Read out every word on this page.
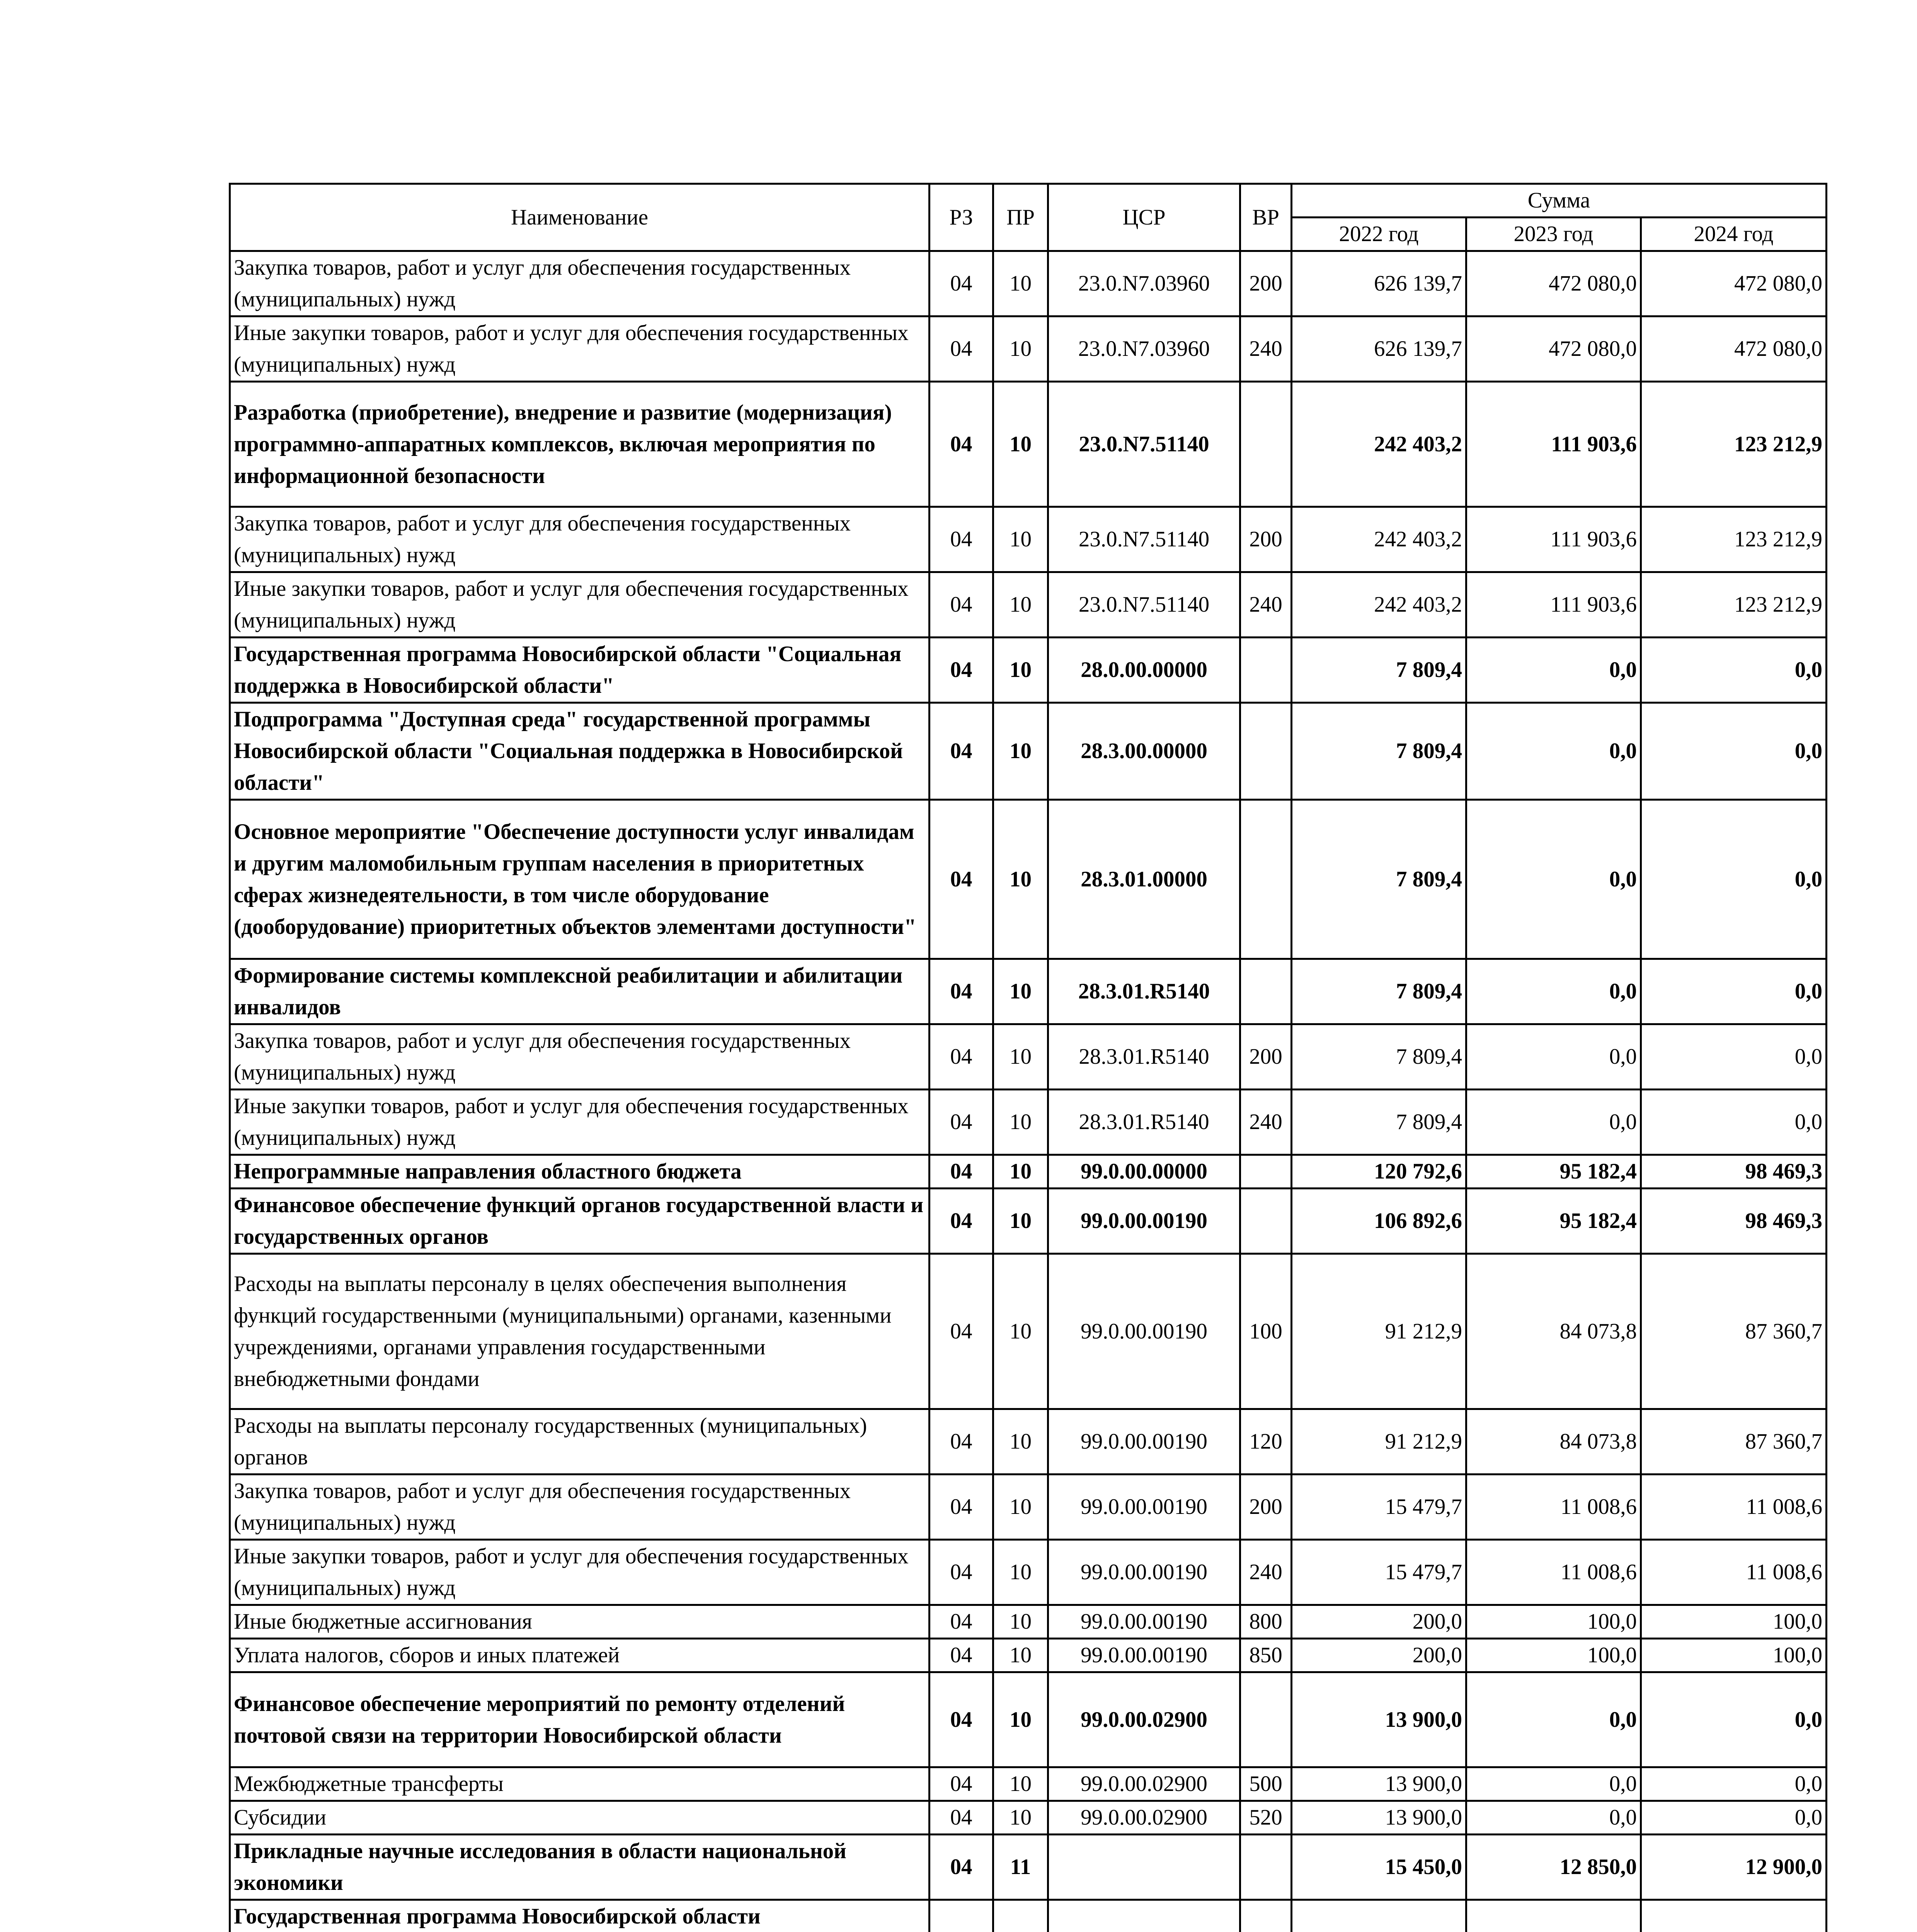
Наименование	РЗ	ПР	ЦСР	ВР	Сумма		
					2022 год	2023 год	2024 год
Закупка товаров, работ и услуг для обеспечения государственных (муниципальных) нужд	04	10	23.0.N7.03960	200	626 139,7	472 080,0	472 080,0
Иные закупки товаров, работ и услуг для обеспечения государственных (муниципальных) нужд	04	10	23.0.N7.03960	240	626 139,7	472 080,0	472 080,0
Разработка (приобретение), внедрение и развитие (модернизация) программно-аппаратных комплексов, включая мероприятия по информационной безопасности	04	10	23.0.N7.51140		242 403,2	111 903,6	123 212,9
Закупка товаров, работ и услуг для обеспечения государственных (муниципальных) нужд	04	10	23.0.N7.51140	200	242 403,2	111 903,6	123 212,9
Иные закупки товаров, работ и услуг для обеспечения государственных (муниципальных) нужд	04	10	23.0.N7.51140	240	242 403,2	111 903,6	123 212,9
Государственная программа Новосибирской области "Социальная поддержка в Новосибирской области"	04	10	28.0.00.00000		7 809,4	0,0	0,0
Подпрограмма "Доступная среда" государственной программы Новосибирской области "Социальная поддержка в Новосибирской области"	04	10	28.3.00.00000		7 809,4	0,0	0,0
Основное мероприятие "Обеспечение доступности услуг инвалидам и другим маломобильным группам населения в приоритетных сферах жизнедеятельности, в том числе оборудование (дооборудование) приоритетных объектов элементами доступности"	04	10	28.3.01.00000		7 809,4	0,0	0,0
Формирование системы комплексной реабилитации и абилитации инвалидов	04	10	28.3.01.R5140		7 809,4	0,0	0,0
Закупка товаров, работ и услуг для обеспечения государственных (муниципальных) нужд	04	10	28.3.01.R5140	200	7 809,4	0,0	0,0
Иные закупки товаров, работ и услуг для обеспечения государственных (муниципальных) нужд	04	10	28.3.01.R5140	240	7 809,4	0,0	0,0
Непрограммные направления областного бюджета	04	10	99.0.00.00000		120 792,6	95 182,4	98 469,3
Финансовое обеспечение функций органов государственной власти и государственных органов	04	10	99.0.00.00190		106 892,6	95 182,4	98 469,3
Расходы на выплаты персоналу в целях обеспечения выполнения функций государственными (муниципальными) органами, казенными учреждениями, органами управления государственными внебюджетными фондами	04	10	99.0.00.00190	100	91 212,9	84 073,8	87 360,7
Расходы на выплаты персоналу государственных (муниципальных) органов	04	10	99.0.00.00190	120	91 212,9	84 073,8	87 360,7
Закупка товаров, работ и услуг для обеспечения государственных (муниципальных) нужд	04	10	99.0.00.00190	200	15 479,7	11 008,6	11 008,6
Иные закупки товаров, работ и услуг для обеспечения государственных (муниципальных) нужд	04	10	99.0.00.00190	240	15 479,7	11 008,6	11 008,6
Иные бюджетные ассигнования	04	10	99.0.00.00190	800	200,0	100,0	100,0
Уплата налогов, сборов и иных платежей	04	10	99.0.00.00190	850	200,0	100,0	100,0
Финансовое обеспечение мероприятий по ремонту отделений почтовой связи на территории Новосибирской области	04	10	99.0.00.02900		13 900,0	0,0	0,0
Межбюджетные трансферты	04	10	99.0.00.02900	500	13 900,0	0,0	0,0
Субсидии	04	10	99.0.00.02900	520	13 900,0	0,0	0,0
Прикладные научные исследования в области национальной экономики	04	11			15 450,0	12 850,0	12 900,0
Государственная программа Новосибирской области							
